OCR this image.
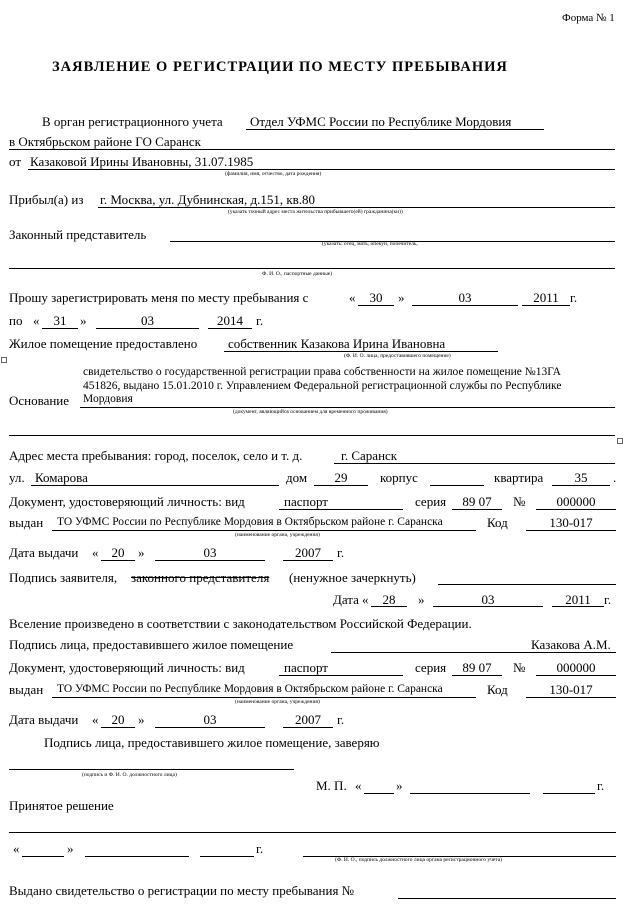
Форма № 1
ЗАЯВЛЕНИЕ О РЕГИСТРАЦИИ ПО МЕСТУ ПРЕБЫВАНИЯ
В орган регистрационного учета Отдел УФМС России по Республике Мордовия
в Октябрьском районе ГО Саранск
от Казаковой Ирины Ивановны, 31.07.1985
(фамилия, имя, отчество, дата рождения)
Прибыл(а) из г. Москва, ул. Дубнинская, д.151, кв.80
(указать точный адрес места жительства прибывшего(ей) гражданина(ки))
Законный представитель
(указать: отец, мать, опекун, попечитель,
Ф. И. О., паспортные данные)
Прошу зарегистрировать меня по месту пребывания с	«	30	»	03	2011 г.
по «	31	»	03	2014	г.
Жилое помещение предоставлено собственник Казакова Ирина Ивановна
(Ф. И. О. лица, предоставившего помещение)
свидетельство о государственной регистрации права собственности на жилое помещение №13ГА
451826, выдано 15.01.2010 г. Управлением Федеральной регистрационной службы по Республике
Основание Мордовия
(документ, являющийся основанием для временного проживания)
Адрес места пребывания: город, поселок, село и т. д.	г. Саранск
ул. Комарова	дом	29	корпус	квартира	35	.
Документ, удостоверяющий личность: вид	паспорт	серия	89 07	№	000000
выдан ТО УФМС России по Республике Мордовия в Октябрьском районе г. Саранска	Код	130-017
(наименование органа, учреждения)
Дата выдачи «	20	»	03	2007	г.
Подпись заявителя, законного представителя (ненужное зачеркнуть)
Дата «	28	»	03	2011	г.
Вселение произведено в соответствии с законодательством Российской Федерации.
Подпись лица, предоставившего жилое помещение	Казакова А.М.
Документ, удостоверяющий личность: вид	паспорт	серия	89 07	№	000000
выдан ТО УФМС России по Республике Мордовия в Октябрьском районе г. Саранска	Код	130-017
(наименование органа, учреждения)
Дата выдачи «	20	»	03	2007	г.
Подпись лица, предоставившего жилое помещение, заверяю
(подпись и Ф. И. О. должностного лица)
М. П. «	»	г.
Принятое решение
«	»	г.
(Ф. И. О., подпись должностного лица органа регистрационного учета)
Выдано свидетельство о регистрации по месту пребывания №
